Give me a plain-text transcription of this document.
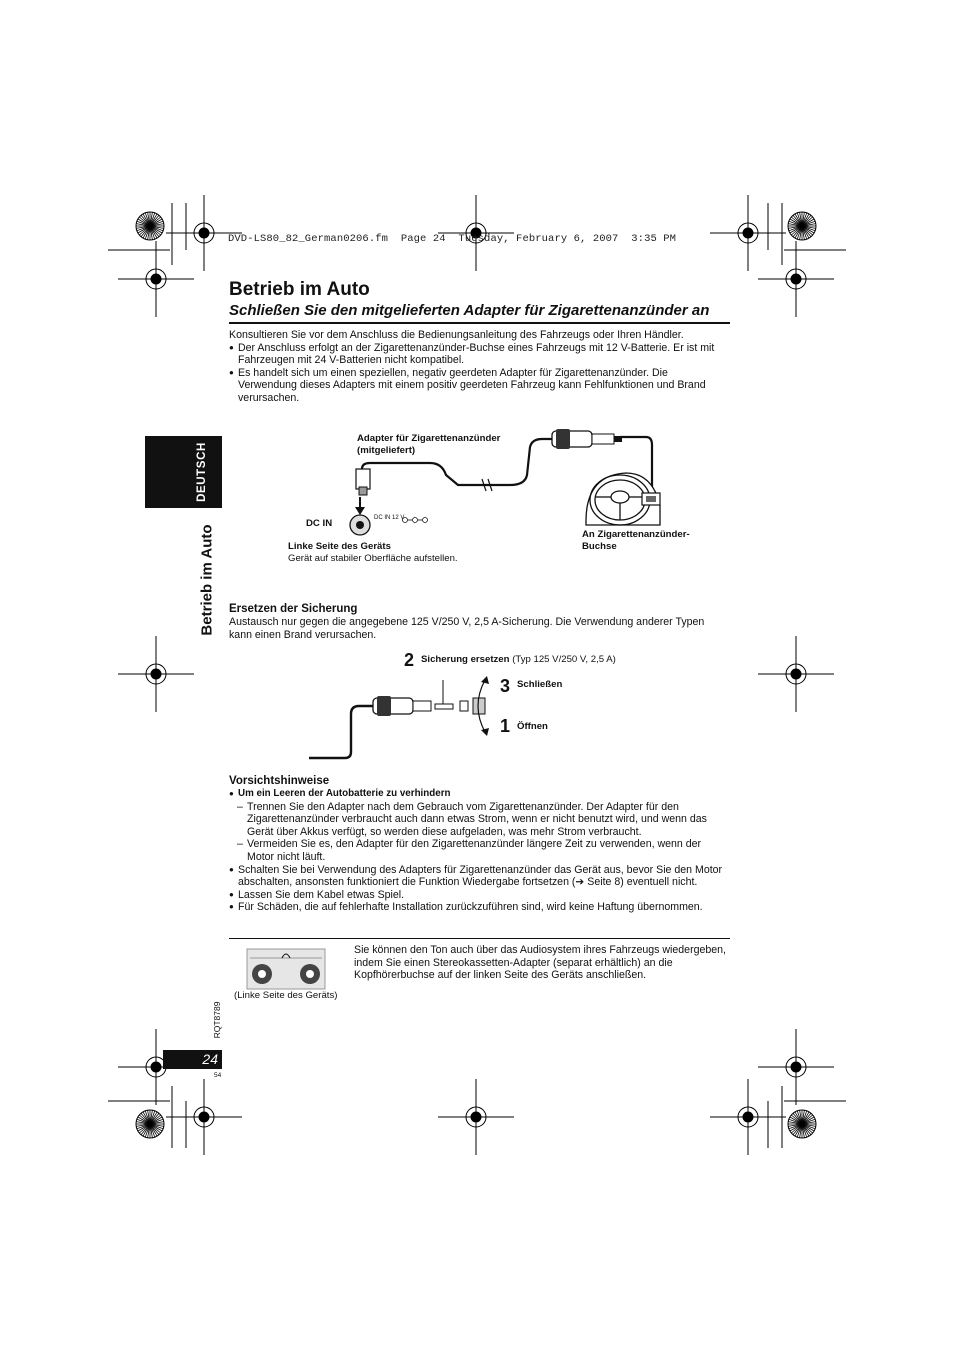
DVD-LS80_82_German0206.fm  Page 24  Tuesday, February 6, 2007  3:35 PM
Betrieb im Auto
Schließen Sie den mitgelieferten Adapter für Zigarettenanzünder an
Konsultieren Sie vor dem Anschluss die Bedienungsanleitung des Fahrzeugs oder Ihren Händler.
● Der Anschluss erfolgt an der Zigarettenanzünder-Buchse eines Fahrzeugs mit 12 V-Batterie. Er ist mit Fahrzeugen mit 24 V-Batterien nicht kompatibel.
● Es handelt sich um einen speziellen, negativ geerdeten Adapter für Zigarettenanzünder. Die Verwendung dieses Adapters mit einem positiv geerdeten Fahrzeug kann Fehlfunktionen und Brand verursachen.
DEUTSCH
Betrieb im Auto
Adapter für Zigarettenanzünder (mitgeliefert)
DC IN	DC IN 12 V
Linke Seite des Geräts
Gerät auf stabiler Oberfläche aufstellen.
An Zigarettenanzünder-Buchse
Ersetzen der Sicherung
Austausch nur gegen die angegebene 125 V/250 V, 2,5 A-Sicherung. Die Verwendung anderer Typen kann einen Brand verursachen.
2 Sicherung ersetzen (Typ 125 V/250 V, 2,5 A)
3 Schließen
1 Öffnen
Vorsichtshinweise
● Um ein Leeren der Autobatterie zu verhindern
– Trennen Sie den Adapter nach dem Gebrauch vom Zigarettenanzünder. Der Adapter für den Zigarettenanzünder verbraucht auch dann etwas Strom, wenn er nicht benutzt wird, und wenn das Gerät über Akkus verfügt, so werden diese aufgeladen, was mehr Strom verbraucht.
– Vermeiden Sie es, den Adapter für den Zigarettenanzünder längere Zeit zu verwenden, wenn der Motor nicht läuft.
● Schalten Sie bei Verwendung des Adapters für Zigarettenanzünder das Gerät aus, bevor Sie den Motor abschalten, ansonsten funktioniert die Funktion Wiedergabe fortsetzen (➔ Seite 8) eventuell nicht.
● Lassen Sie dem Kabel etwas Spiel.
● Für Schäden, die auf fehlerhafte Installation zurückzuführen sind, wird keine Haftung übernommen.
(Linke Seite des Geräts)
Sie können den Ton auch über das Audiosystem ihres Fahrzeugs wiedergeben, indem Sie einen Stereokassetten-Adapter (separat erhältlich) an die Kopfhörerbuchse auf der linken Seite des Geräts anschließen.
RQT8789
24
54
